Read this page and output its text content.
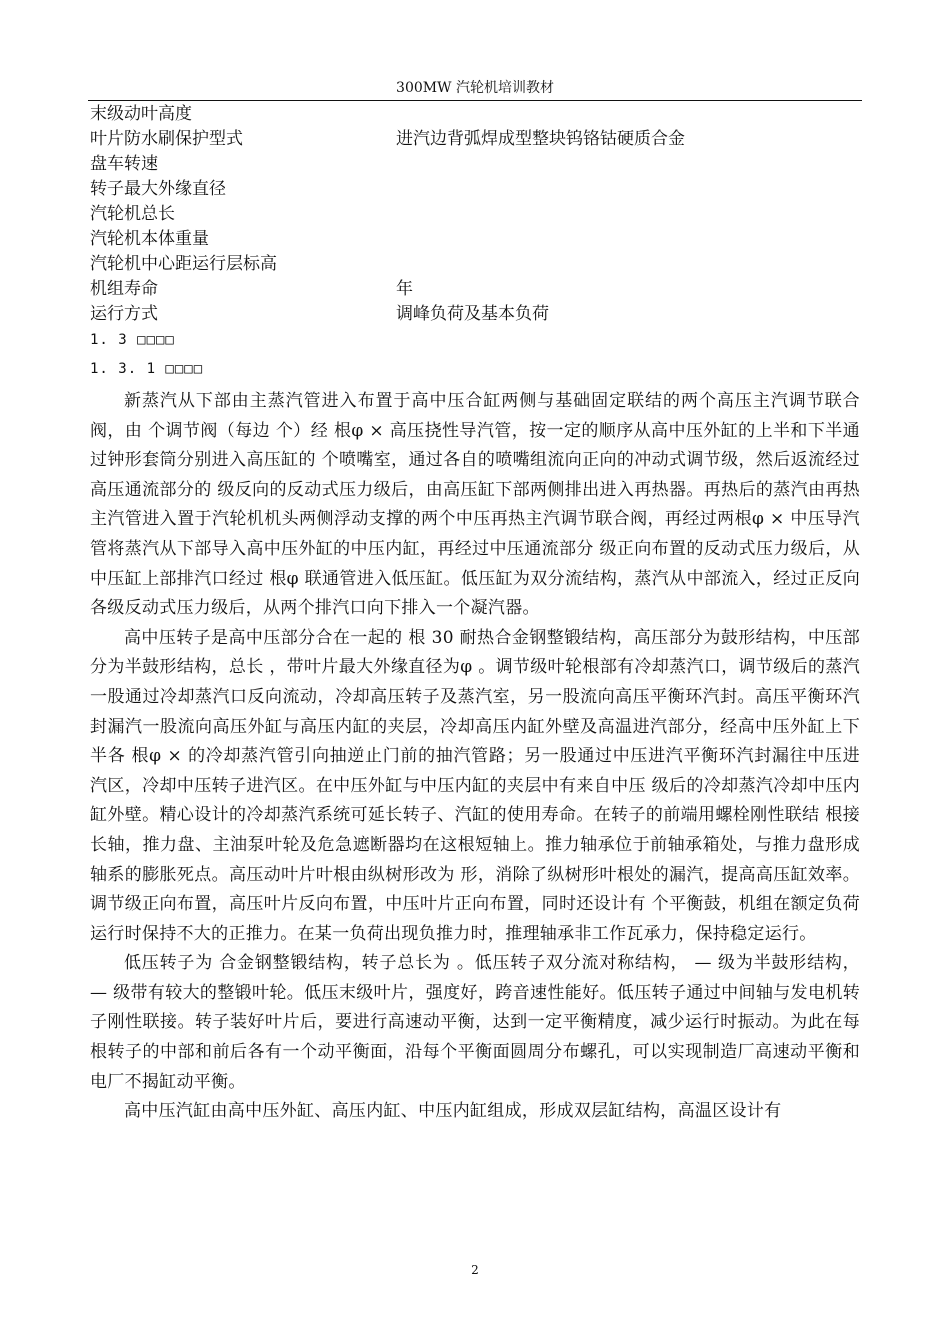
300MW 汽轮机培训教材
末级动叶高度
叶片防水刷保护型式	进汽边背弧焊成型整块钨铬钴硬质合金
盘车转速
转子最大外缘直径
汽轮机总长
汽轮机本体重量
汽轮机中心距运行层标高
机组寿命	年
运行方式	调峰负荷及基本负荷
1. 3 □□□□
1. 3. 1 □□□□

新蒸汽从下部由主蒸汽管进入布置于高中压合缸两侧与基础固定联结的两个高压主汽调节联合阀，由 个调节阀（每边 个）经 根φ × 高压挠性导汽管，按一定的顺序从高中压外缸的上半和下半通过钟形套筒分别进入高压缸的 个喷嘴室，通过各自的喷嘴组流向正向的冲动式调节级，然后返流经过高压通流部分的 级反向的反动式压力级后，由高压缸下部两侧排出进入再热器。再热后的蒸汽由再热主汽管进入置于汽轮机机头两侧浮动支撑的两个中压再热主汽调节联合阀，再经过两根φ × 中压导汽管将蒸汽从下部导入高中压外缸的中压内缸，再经过中压通流部分 级正向布置的反动式压力级后，从中压缸上部排汽口经过 根φ 联通管进入低压缸。低压缸为双分流结构，蒸汽从中部流入，经过正反向各级反动式压力级后，从两个排汽口向下排入一个凝汽器。

高中压转子是高中压部分合在一起的 根 30 耐热合金钢整锻结构，高压部分为鼓形结构，中压部分为半鼓形结构，总长 ，带叶片最大外缘直径为φ 。调节级叶轮根部有冷却蒸汽口，调节级后的蒸汽一股通过冷却蒸汽口反向流动，冷却高压转子及蒸汽室，另一股流向高压平衡环汽封。高压平衡环汽封漏汽一股流向高压外缸与高压内缸的夹层，冷却高压内缸外壁及高温进汽部分，经高中压外缸上下半各 根φ × 的冷却蒸汽管引向抽逆止门前的抽汽管路；另一股通过中压进汽平衡环汽封漏往中压进汽区，冷却中压转子进汽区。在中压外缸与中压内缸的夹层中有来自中压 级后的冷却蒸汽冷却中压内缸外壁。精心设计的冷却蒸汽系统可延长转子、汽缸的使用寿命。在转子的前端用螺栓刚性联结 根接长轴，推力盘、主油泵叶轮及危急遮断器均在这根短轴上。推力轴承位于前轴承箱处，与推力盘形成轴系的膨胀死点。高压动叶片叶根由纵树形改为 形，消除了纵树形叶根处的漏汽，提高高压缸效率。调节级正向布置，高压叶片反向布置，中压叶片正向布置，同时还设计有 个平衡鼓，机组在额定负荷运行时保持不大的正推力。在某一负荷出现负推力时，推理轴承非工作瓦承力，保持稳定运行。

低压转子为 合金钢整锻结构，转子总长为 。低压转子双分流对称结构， — 级为半鼓形结构， — 级带有较大的整锻叶轮。低压末级叶片，强度好，跨音速性能好。低压转子通过中间轴与发电机转子刚性联接。转子装好叶片后，要进行高速动平衡，达到一定平衡精度，减少运行时振动。为此在每根转子的中部和前后各有一个动平衡面，沿每个平衡面圆周分布螺孔，可以实现制造厂高速动平衡和电厂不揭缸动平衡。

高中压汽缸由高中压外缸、高压内缸、中压内缸组成，形成双层缸结构，高温区设计有

2
